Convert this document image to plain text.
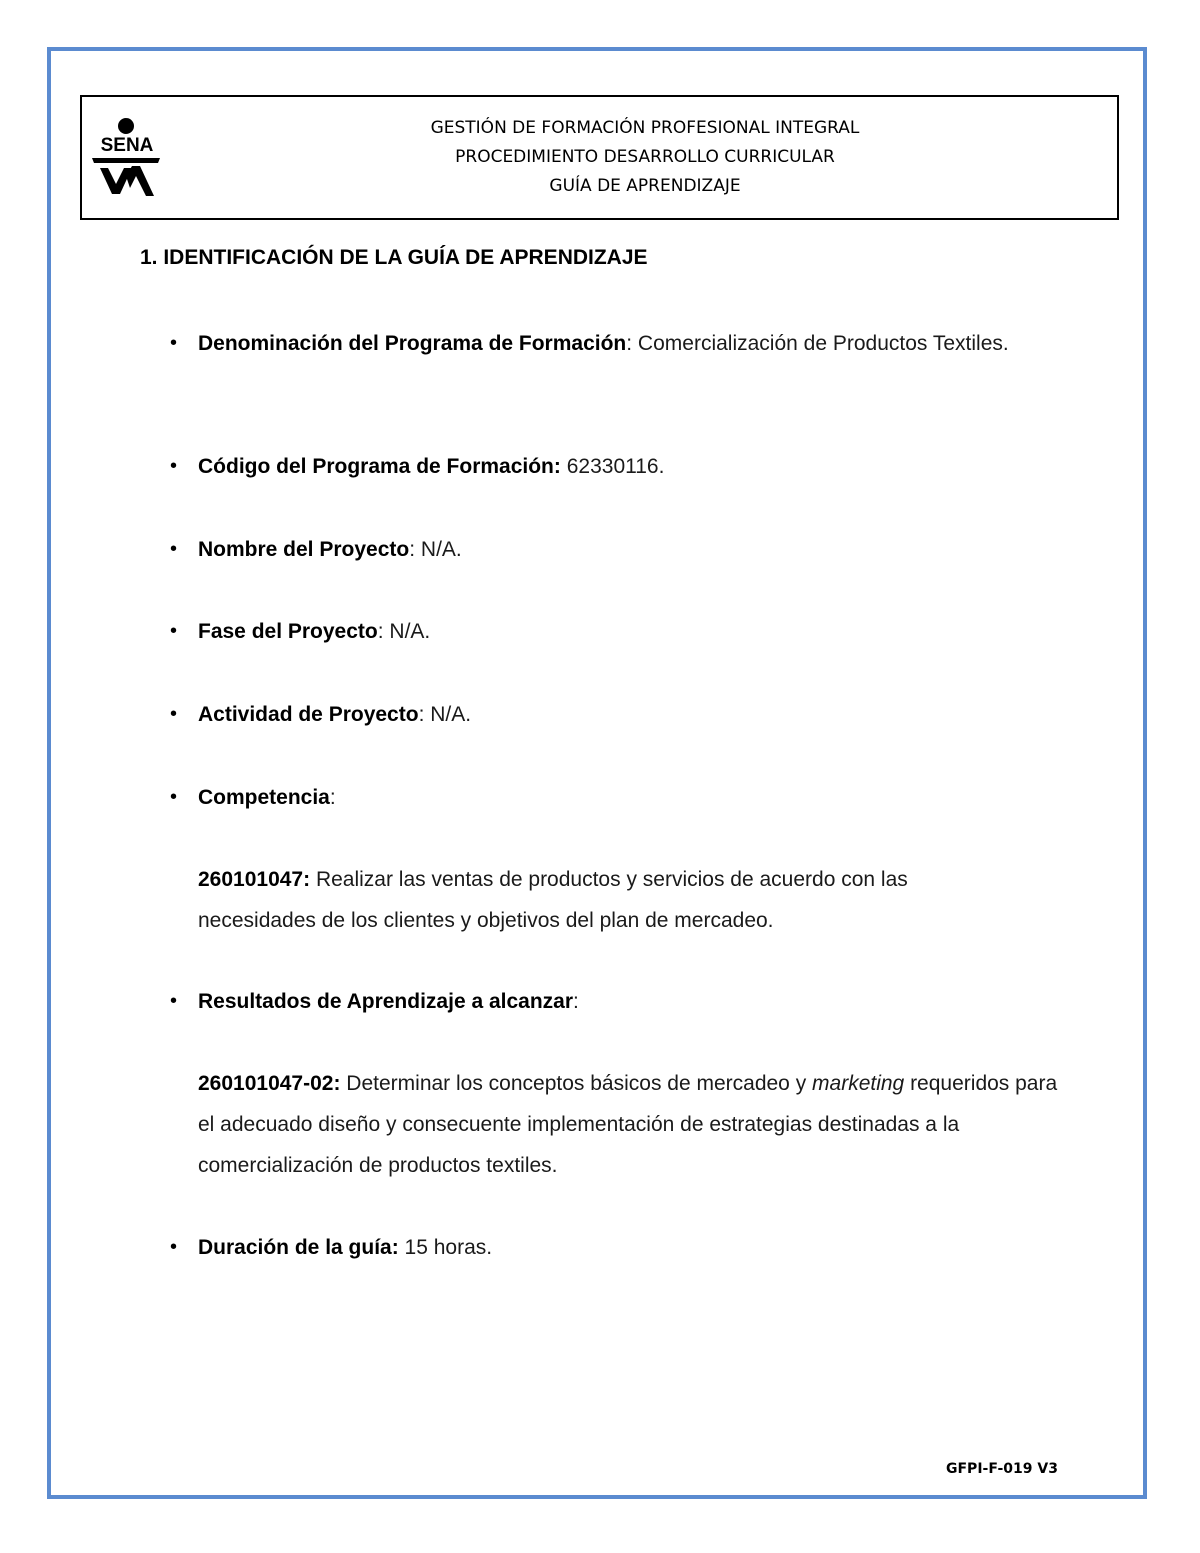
SENA
GESTIÓN DE FORMACIÓN PROFESIONAL INTEGRAL
PROCEDIMIENTO DESARROLLO CURRICULAR
GUÍA DE APRENDIZAJE
1. IDENTIFICACIÓN DE LA GUÍA DE APRENDIZAJE
• Denominación del Programa de Formación: Comercialización de Productos Textiles.
• Código del Programa de Formación: 62330116.
• Nombre del Proyecto: N/A.
• Fase del Proyecto: N/A.
• Actividad de Proyecto: N/A.
• Competencia:
260101047: Realizar las ventas de productos y servicios de acuerdo con las necesidades de los clientes y objetivos del plan de mercadeo.
• Resultados de Aprendizaje a alcanzar:
260101047-02: Determinar los conceptos básicos de mercadeo y marketing requeridos para el adecuado diseño y consecuente implementación de estrategias destinadas a la comercialización de productos textiles.
• Duración de la guía: 15 horas.
GFPI-F-019 V3
